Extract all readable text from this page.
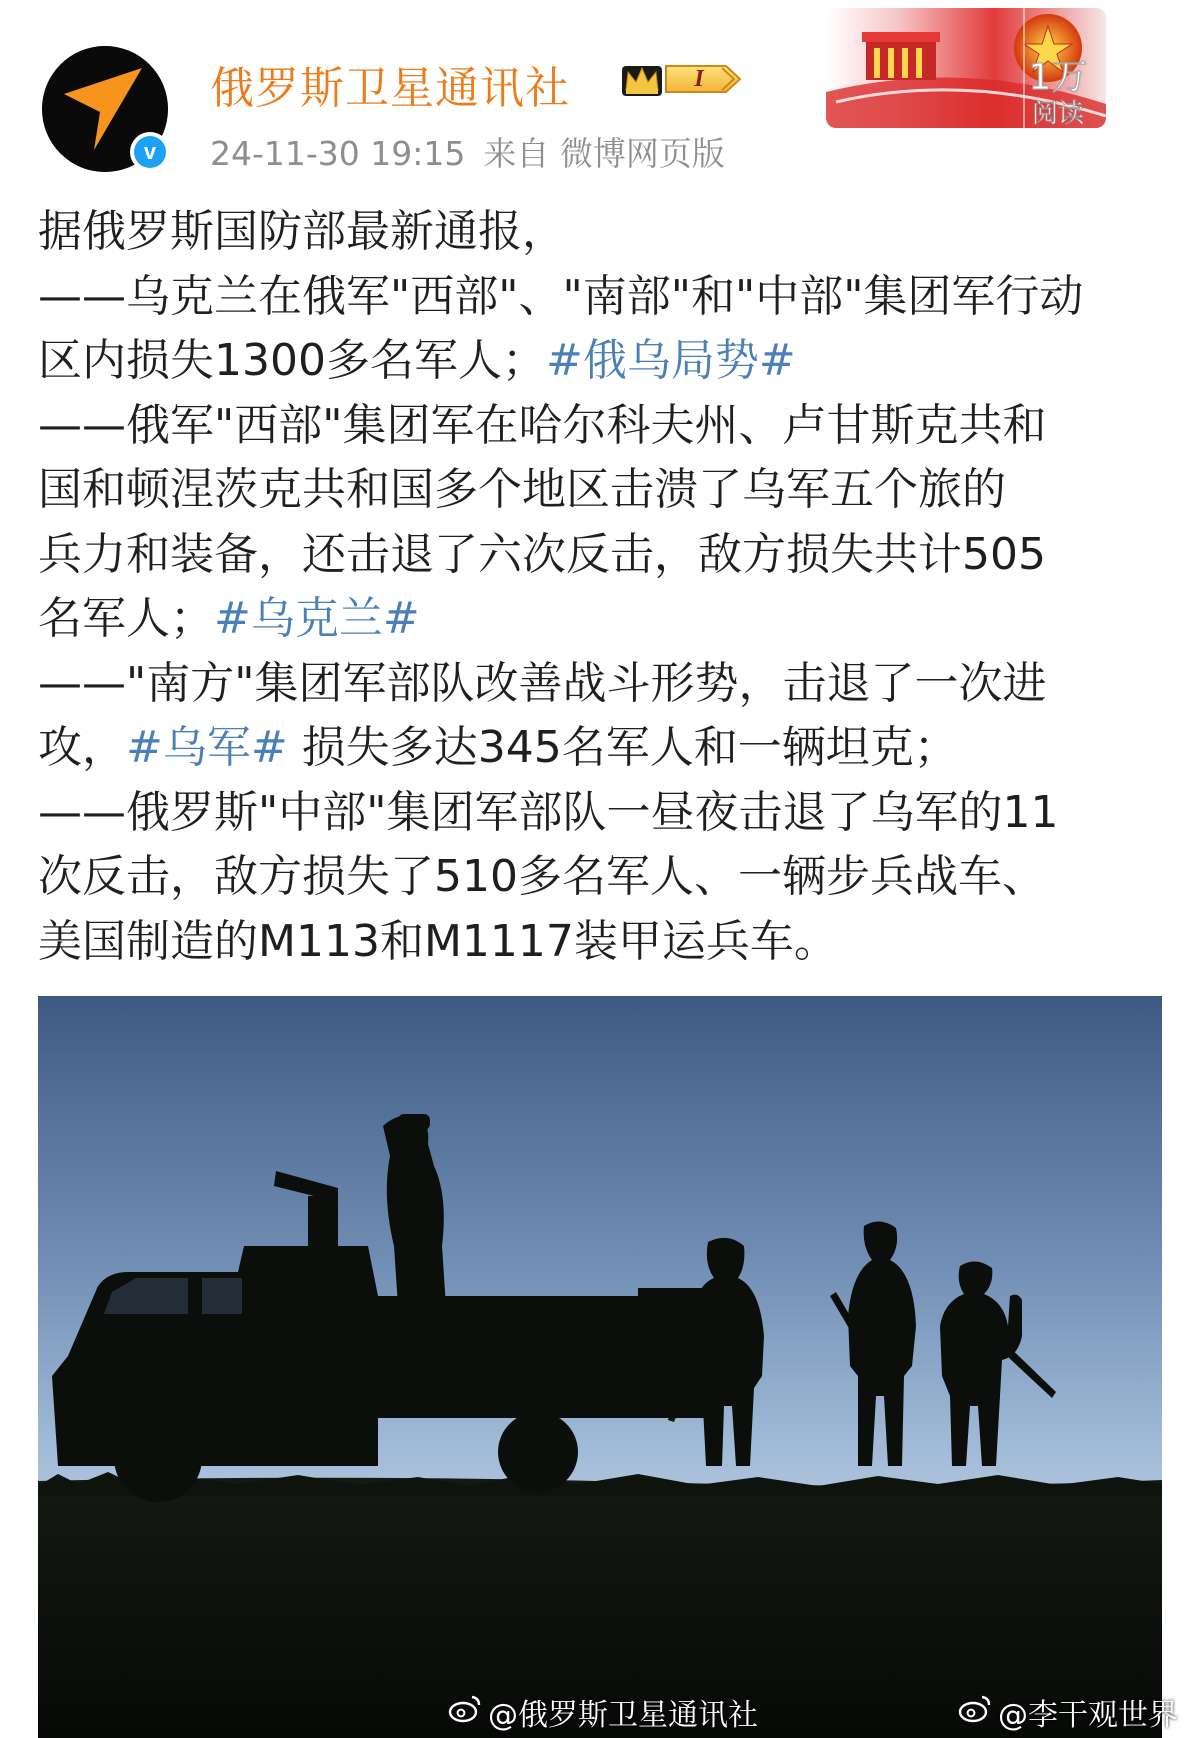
v
俄罗斯卫星通讯社	I
24-11-30 19:15 来自 微博网页版
1万
阅读
据俄罗斯国防部最新通报，
——乌克兰在俄军"西部"、"南部"和"中部"集团军行动
区内损失1300多名军人；#俄乌局势#
——俄军"西部"集团军在哈尔科夫州、卢甘斯克共和
国和顿涅茨克共和国多个地区击溃了乌军五个旅的
兵力和装备，还击退了六次反击，敌方损失共计505
名军人；#乌克兰#
——"南方"集团军部队改善战斗形势，击退了一次进
攻，#乌军# 损失多达345名军人和一辆坦克；
——俄罗斯"中部"集团军部队一昼夜击退了乌军的11
次反击，敌方损失了510多名军人、一辆步兵战车、
美国制造的M113和M1117装甲运兵车。
@俄罗斯卫星通讯社	@李干观世界
